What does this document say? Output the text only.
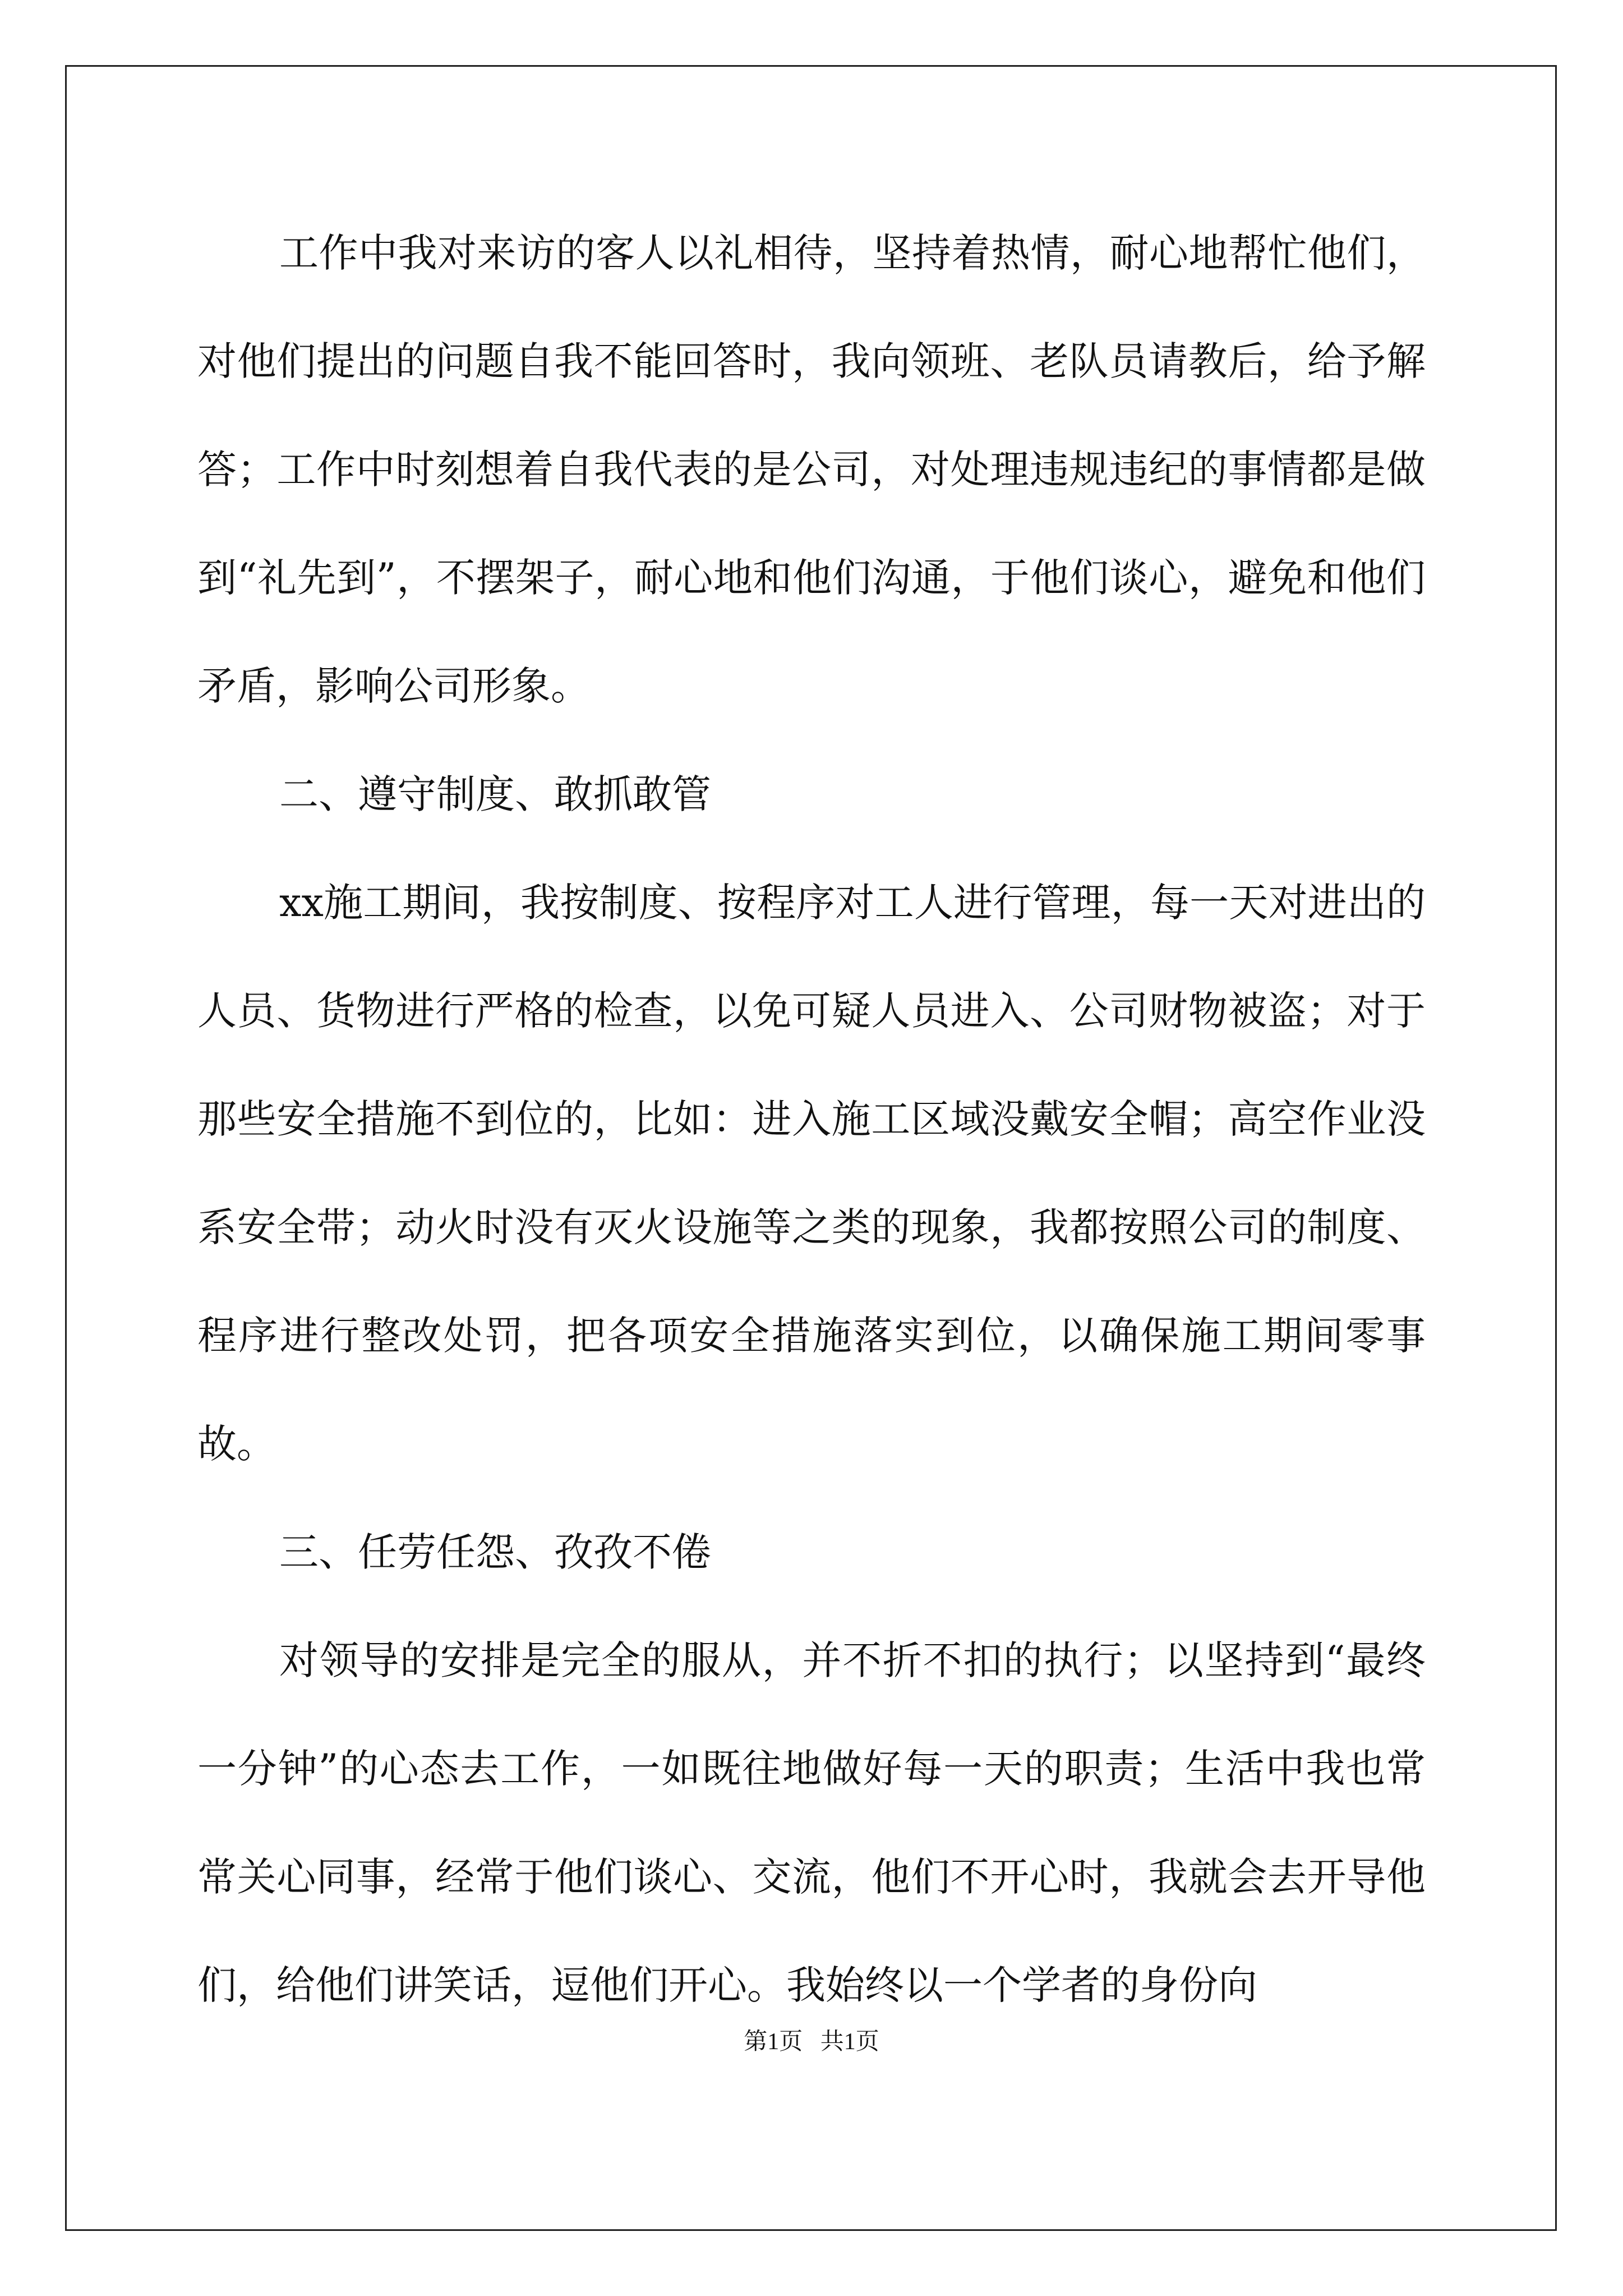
工作中我对来访的客人以礼相待，坚持着热情，耐心地帮忙他们，对他们提出的问题自我不能回答时，我向领班、老队员请教后，给予解答；工作中时刻想着自我代表的是公司，对处理违规违纪的事情都是做到“礼先到”，不摆架子，耐心地和他们沟通，于他们谈心，避免和他们矛盾，影响公司形象。

二、遵守制度、敢抓敢管

xx施工期间，我按制度、按程序对工人进行管理，每一天对进出的人员、货物进行严格的检查，以免可疑人员进入、公司财物被盗；对于那些安全措施不到位的，比如：进入施工区域没戴安全帽；高空作业没系安全带；动火时没有灭火设施等之类的现象，我都按照公司的制度、程序进行整改处罚，把各项安全措施落实到位，以确保施工期间零事故。

三、任劳任怨、孜孜不倦

对领导的安排是完全的服从，并不折不扣的执行；以坚持到“最终一分钟”的心态去工作，一如既往地做好每一天的职责；生活中我也常常关心同事，经常于他们谈心、交流，他们不开心时，我就会去开导他们，给他们讲笑话，逗他们开心。我始终以一个学者的身份向

第1页   共1页
